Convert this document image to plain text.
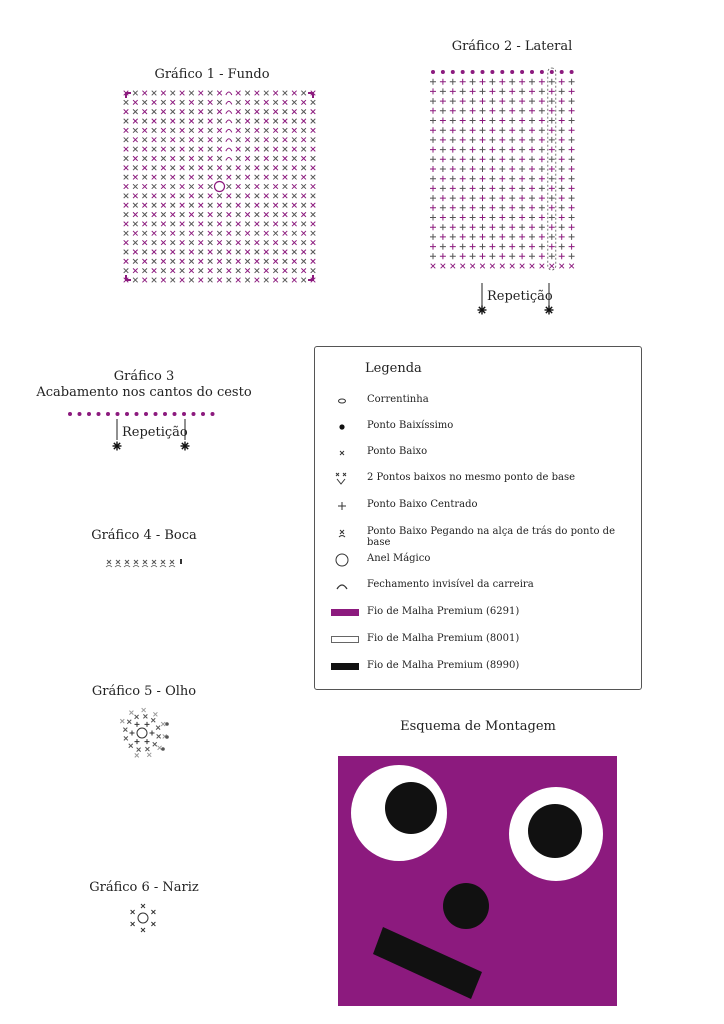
Gráfico 1 - Fundo
Gráfico 2 - Lateral
Repetição
Gráfico 3
Acabamento nos cantos do cesto
Repetição
Gráfico 4 - Boca
Gráfico 5 - Olho
Gráfico 6 - Nariz
Esquema de Montagem
Legenda
Correntinha
Ponto Baixíssimo
Ponto Baixo
2 Pontos baixos no mesmo ponto de base
Ponto Baixo Centrado
Ponto Baixo Pegando na alça de trás do ponto de base
Anel Mágico
Fechamento invisível da carreira
Fio de Malha Premium (6291)
Fio de Malha Premium (8001)
Fio de Malha Premium (8990)
